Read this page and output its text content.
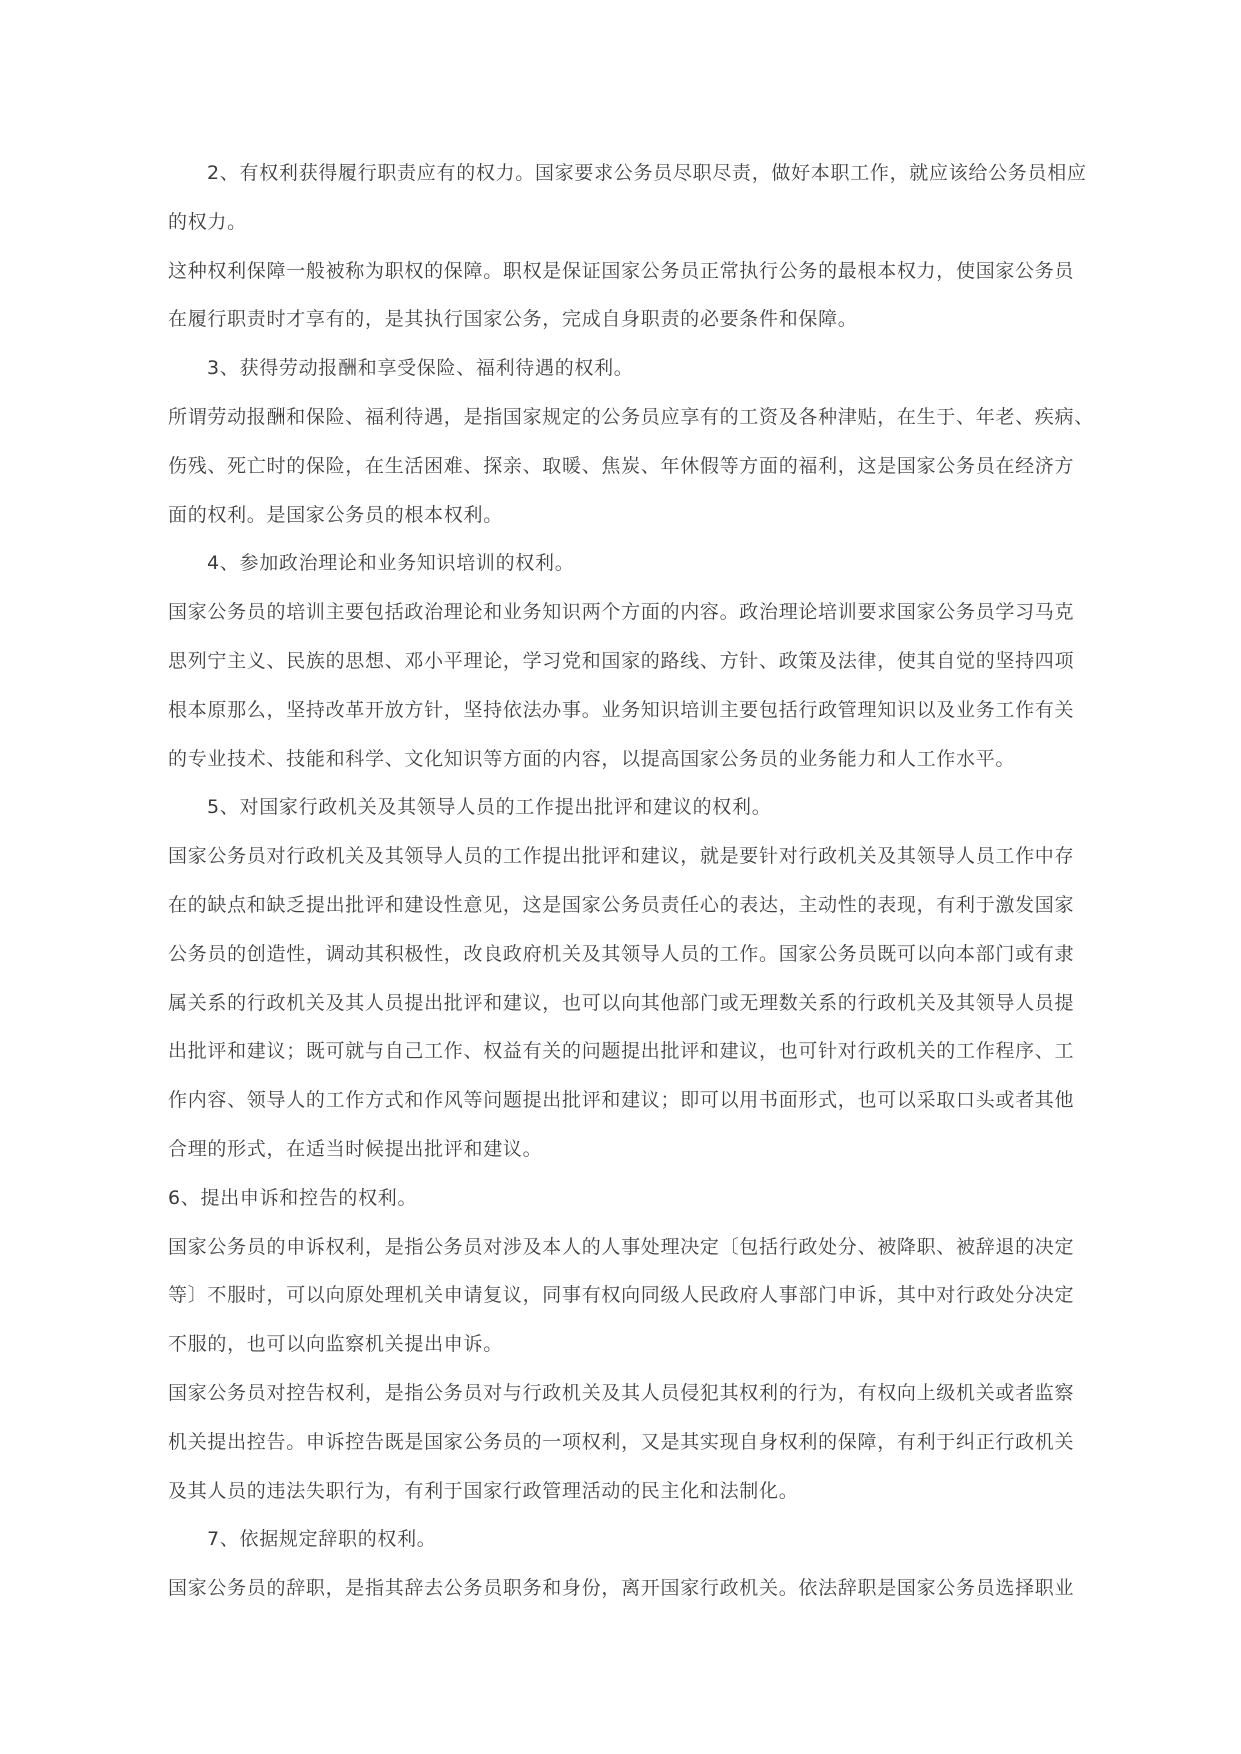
2、有权利获得履行职责应有的权力。国家要求公务员尽职尽责，做好本职工作，就应该给公务员相应
的权力。
这种权利保障一般被称为职权的保障。职权是保证国家公务员正常执行公务的最根本权力，使国家公务员
在履行职责时才享有的，是其执行国家公务，完成自身职责的必要条件和保障。
3、获得劳动报酬和享受保险、福利待遇的权利。
所谓劳动报酬和保险、福利待遇，是指国家规定的公务员应享有的工资及各种津贴，在生于、年老、疾病、
伤残、死亡时的保险，在生活困难、探亲、取暖、焦炭、年休假等方面的福利，这是国家公务员在经济方
面的权利。是国家公务员的根本权利。
4、参加政治理论和业务知识培训的权利。
国家公务员的培训主要包括政治理论和业务知识两个方面的内容。政治理论培训要求国家公务员学习马克
思列宁主义、民族的思想、邓小平理论，学习党和国家的路线、方针、政策及法律，使其自觉的坚持四项
根本原那么，坚持改革开放方针，坚持依法办事。业务知识培训主要包括行政管理知识以及业务工作有关
的专业技术、技能和科学、文化知识等方面的内容，以提高国家公务员的业务能力和人工作水平。
5、对国家行政机关及其领导人员的工作提出批评和建议的权利。
国家公务员对行政机关及其领导人员的工作提出批评和建议，就是要针对行政机关及其领导人员工作中存
在的缺点和缺乏提出批评和建设性意见，这是国家公务员责任心的表达，主动性的表现，有利于激发国家
公务员的创造性，调动其积极性，改良政府机关及其领导人员的工作。国家公务员既可以向本部门或有隶
属关系的行政机关及其人员提出批评和建议，也可以向其他部门或无理数关系的行政机关及其领导人员提
出批评和建议；既可就与自己工作、权益有关的问题提出批评和建议，也可针对行政机关的工作程序、工
作内容、领导人的工作方式和作风等问题提出批评和建议；即可以用书面形式，也可以采取口头或者其他
合理的形式，在适当时候提出批评和建议。
6、提出申诉和控告的权利。
国家公务员的申诉权利，是指公务员对涉及本人的人事处理决定〔包括行政处分、被降职、被辞退的决定
等〕不服时，可以向原处理机关申请复议，同事有权向同级人民政府人事部门申诉，其中对行政处分决定
不服的，也可以向监察机关提出申诉。
国家公务员对控告权利，是指公务员对与行政机关及其人员侵犯其权利的行为，有权向上级机关或者监察
机关提出控告。申诉控告既是国家公务员的一项权利，又是其实现自身权利的保障，有利于纠正行政机关
及其人员的违法失职行为，有利于国家行政管理活动的民主化和法制化。
7、依据规定辞职的权利。
国家公务员的辞职，是指其辞去公务员职务和身份，离开国家行政机关。依法辞职是国家公务员选择职业
